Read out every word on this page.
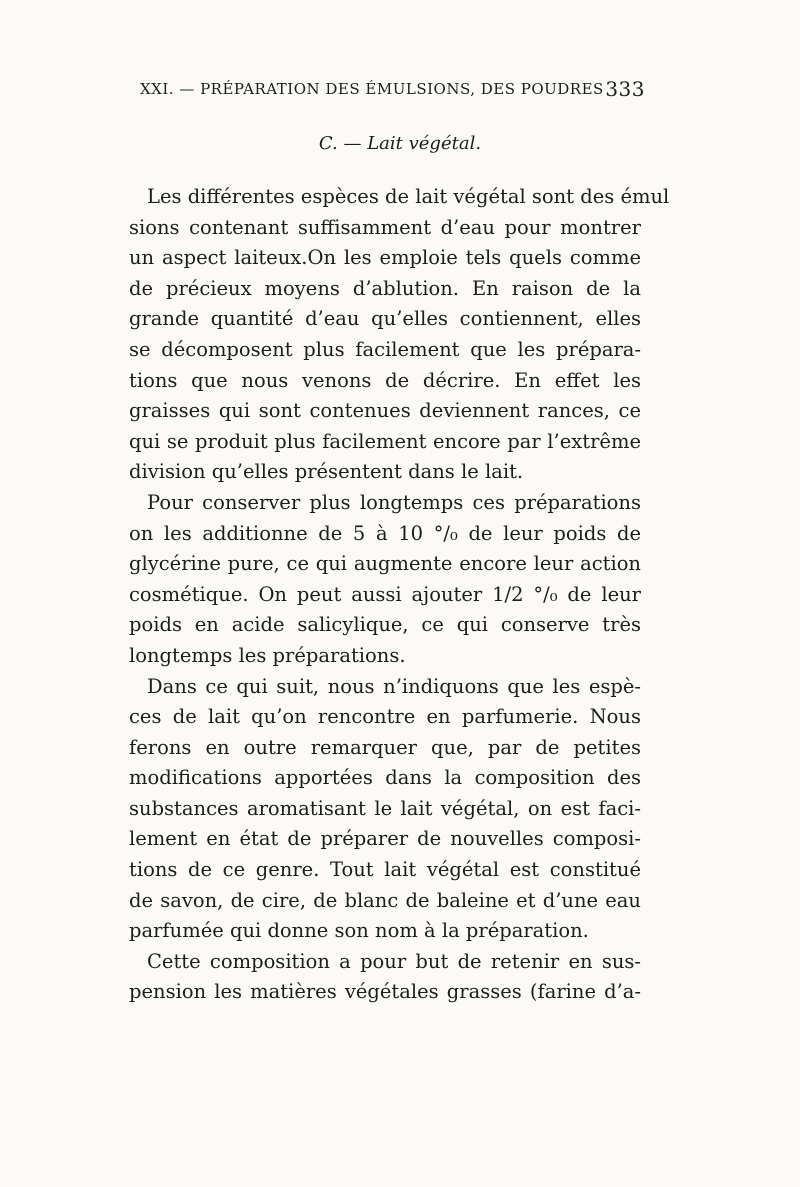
XXI. — PRÉPARATION DES ÉMULSIONS, DES POUDRES 333
C. — Lait végétal.
Les différentes espèces de lait végétal sont des émul
sions contenant suffisamment d’eau pour montrer
un aspect laiteux.On les emploie tels quels comme
de précieux moyens d’ablution. En raison de la
grande quantité d’eau qu’elles contiennent, elles
se décomposent plus facilement que les prépara-
tions que nous venons de décrire. En effet les
graisses qui sont contenues deviennent rances, ce
qui se produit plus facilement encore par l’extrême
division qu’elles présentent dans le lait.
Pour conserver plus longtemps ces préparations
on les additionne de 5 à 10 °/₀ de leur poids de
glycérine pure, ce qui augmente encore leur action
cosmétique. On peut aussi ajouter 1/2 °/₀ de leur
poids en acide salicylique, ce qui conserve très
longtemps les préparations.
Dans ce qui suit, nous n’indiquons que les espè-
ces de lait qu’on rencontre en parfumerie. Nous
ferons en outre remarquer que, par de petites
modifications apportées dans la composition des
substances aromatisant le lait végétal, on est faci-
lement en état de préparer de nouvelles composi-
tions de ce genre. Tout lait végétal est constitué
de savon, de cire, de blanc de baleine et d’une eau
parfumée qui donne son nom à la préparation.
Cette composition a pour but de retenir en sus-
pension les matières végétales grasses (farine d’a-
